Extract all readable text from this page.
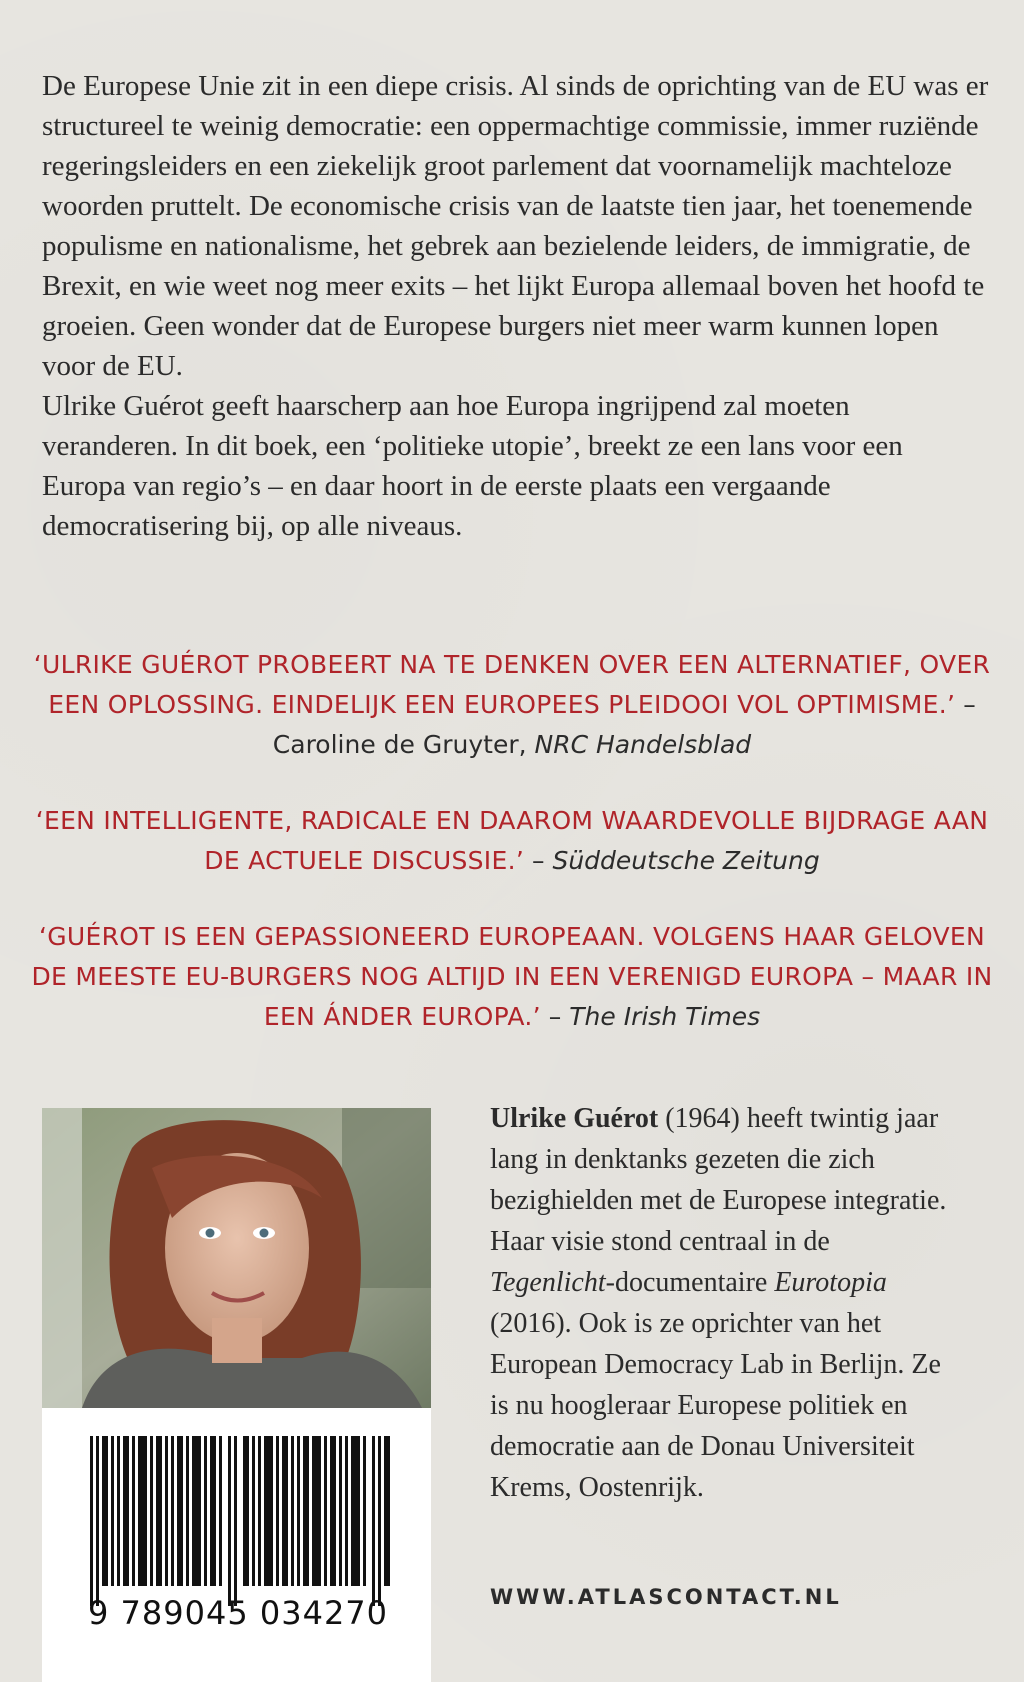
De Europese Unie zit in een diepe crisis. Al sinds de oprichting van de EU was er structureel te weinig democratie: een oppermachtige commissie, immer ruziënde regeringsleiders en een ziekelijk groot parlement dat voornamelijk machteloze woorden pruttelt. De economische crisis van de laatste tien jaar, het toenemende populisme en nationalisme, het gebrek aan bezielende leiders, de immigratie, de Brexit, en wie weet nog meer exits – het lijkt Europa allemaal boven het hoofd te groeien. Geen wonder dat de Europese burgers niet meer warm kunnen lopen voor de EU.

Ulrike Guérot geeft haarscherp aan hoe Europa ingrijpend zal moeten veranderen. In dit boek, een ‘politieke utopie’, breekt ze een lans voor een Europa van regio’s – en daar hoort in de eerste plaats een vergaande democratisering bij, op alle niveaus.

‘ULRIKE GUÉROT PROBEERT NA TE DENKEN OVER EEN ALTERNATIEF, OVER EEN OPLOSSING. EINDELIJK EEN EUROPEES PLEIDOOI VOL OPTIMISME.’ – Caroline de Gruyter, NRC Handelsblad

‘EEN INTELLIGENTE, RADICALE EN DAAROM WAARDEVOLLE BIJDRAGE AAN DE ACTUELE DISCUSSIE.’ – Süddeutsche Zeitung

‘GUÉROT IS EEN GEPASSIONEERD EUROPEAAN. VOLGENS HAAR GELOVEN DE MEESTE EU-BURGERS NOG ALTIJD IN EEN VERENIGD EUROPA – MAAR IN EEN ÁNDER EUROPA.’ – The Irish Times

9 789045 034270
Ulrike Guérot (1964) heeft twintig jaar lang in denktanks gezeten die zich bezighielden met de Europese integratie. Haar visie stond centraal in de Tegenlicht-documentaire Eurotopia (2016). Ook is ze oprichter van het European Democracy Lab in Berlijn. Ze is nu hoogleraar Europese politiek en democratie aan de Donau Universiteit Krems, Oostenrijk.
WWW.ATLASCONTACT.NL
